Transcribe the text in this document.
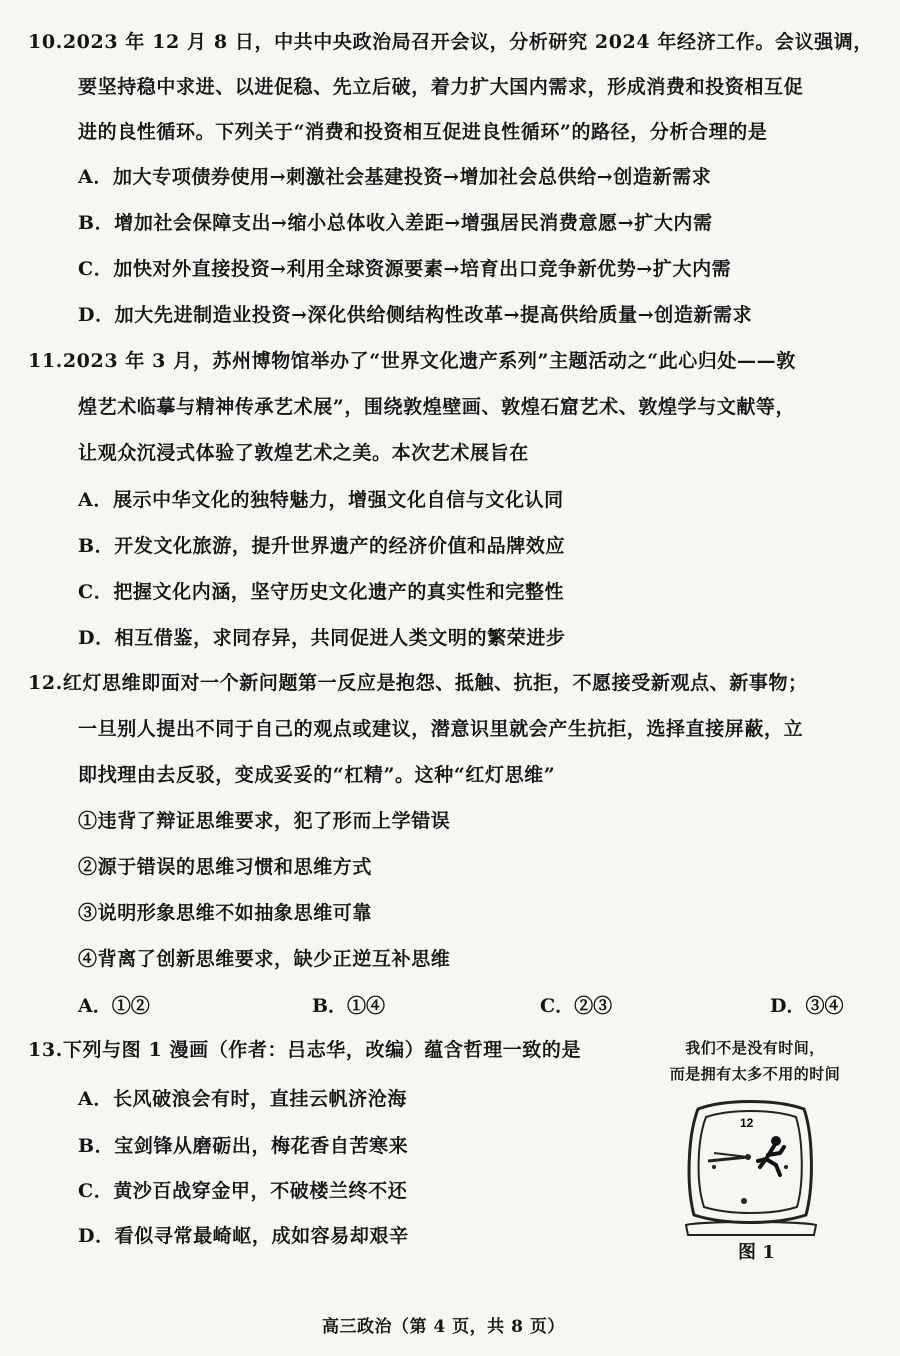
10.2023 年 12 月 8 日，中共中央政治局召开会议，分析研究 2024 年经济工作。会议强调，
要坚持稳中求进、以进促稳、先立后破，着力扩大国内需求，形成消费和投资相互促
进的良性循环。下列关于“消费和投资相互促进良性循环”的路径，分析合理的是
A．加大专项债券使用→刺激社会基建投资→增加社会总供给→创造新需求
B．增加社会保障支出→缩小总体收入差距→增强居民消费意愿→扩大内需
C．加快对外直接投资→利用全球资源要素→培育出口竞争新优势→扩大内需
D．加大先进制造业投资→深化供给侧结构性改革→提高供给质量→创造新需求
11.2023 年 3 月，苏州博物馆举办了“世界文化遗产系列”主题活动之“此心归处——敦
煌艺术临摹与精神传承艺术展”，围绕敦煌壁画、敦煌石窟艺术、敦煌学与文献等，
让观众沉浸式体验了敦煌艺术之美。本次艺术展旨在
A．展示中华文化的独特魅力，增强文化自信与文化认同
B．开发文化旅游，提升世界遗产的经济价值和品牌效应
C．把握文化内涵，坚守历史文化遗产的真实性和完整性
D．相互借鉴，求同存异，共同促进人类文明的繁荣进步
12.红灯思维即面对一个新问题第一反应是抱怨、抵触、抗拒，不愿接受新观点、新事物；
一旦别人提出不同于自己的观点或建议，潜意识里就会产生抗拒，选择直接屏蔽，立
即找理由去反驳，变成妥妥的“杠精”。这种“红灯思维”
①违背了辩证思维要求，犯了形而上学错误
②源于错误的思维习惯和思维方式
③说明形象思维不如抽象思维可靠
④背离了创新思维要求，缺少正逆互补思维
A．①②	B．①④	C．②③	D．③④
13.下列与图 1 漫画（作者：吕志华，改编）蕴含哲理一致的是
A．长风破浪会有时，直挂云帆济沧海
B．宝剑锋从磨砺出，梅花香自苦寒来
C．黄沙百战穿金甲，不破楼兰终不还
D．看似寻常最崎岖，成如容易却艰辛
我们不是没有时间，
而是拥有太多不用的时间
12
图 1
高三政治（第 4 页，共 8 页）
